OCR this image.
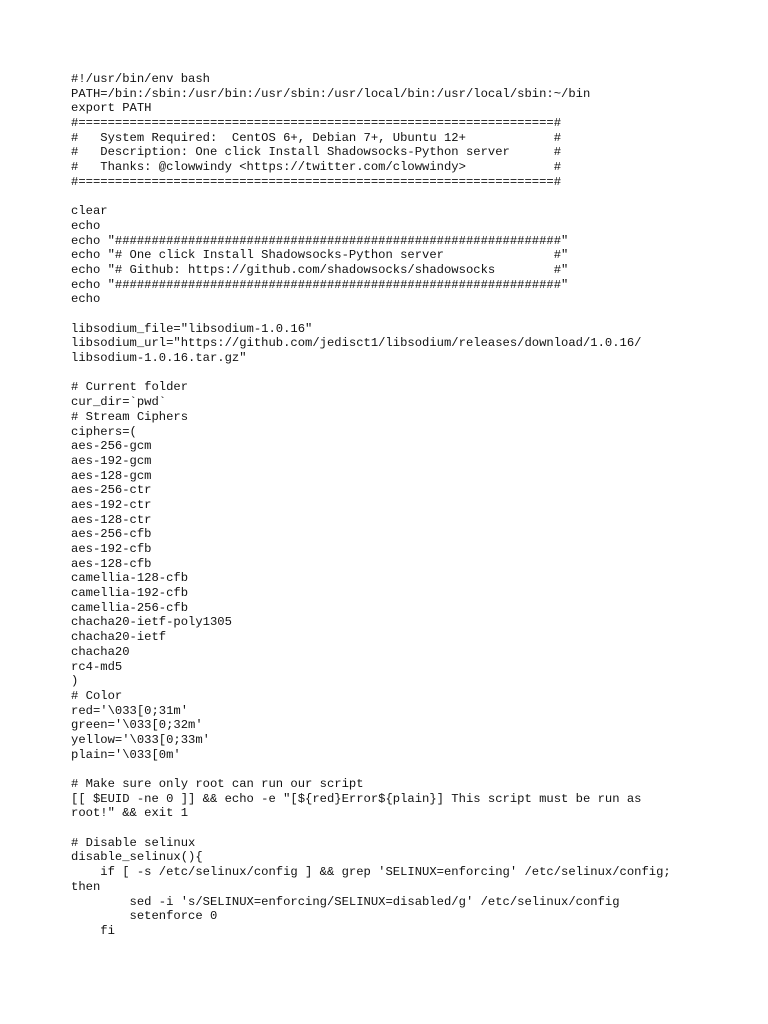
#!/usr/bin/env bash
PATH=/bin:/sbin:/usr/bin:/usr/sbin:/usr/local/bin:/usr/local/sbin:~/bin
export PATH
#=================================================================#
#   System Required:  CentOS 6+, Debian 7+, Ubuntu 12+            #
#   Description: One click Install Shadowsocks-Python server      #
#   Thanks: @clowwindy <https://twitter.com/clowwindy>            #
#=================================================================#
clear
echo
echo "#############################################################"
echo "# One click Install Shadowsocks-Python server               #"
echo "# Github: https://github.com/shadowsocks/shadowsocks        #"
echo "#############################################################"
echo
libsodium_file="libsodium-1.0.16"
libsodium_url="https://github.com/jedisct1/libsodium/releases/download/1.0.16/
libsodium-1.0.16.tar.gz"
# Current folder
cur_dir=`pwd`
# Stream Ciphers
ciphers=(
aes-256-gcm
aes-192-gcm
aes-128-gcm
aes-256-ctr
aes-192-ctr
aes-128-ctr
aes-256-cfb
aes-192-cfb
aes-128-cfb
camellia-128-cfb
camellia-192-cfb
camellia-256-cfb
chacha20-ietf-poly1305
chacha20-ietf
chacha20
rc4-md5
)
# Color
red='\033[0;31m'
green='\033[0;32m'
yellow='\033[0;33m'
plain='\033[0m'
# Make sure only root can run our script
[[ $EUID -ne 0 ]] && echo -e "[${red}Error${plain}] This script must be run as
root!" && exit 1
# Disable selinux
disable_selinux(){
if [ -s /etc/selinux/config ] && grep 'SELINUX=enforcing' /etc/selinux/config;
then
sed -i 's/SELINUX=enforcing/SELINUX=disabled/g' /etc/selinux/config
setenforce 0
fi
